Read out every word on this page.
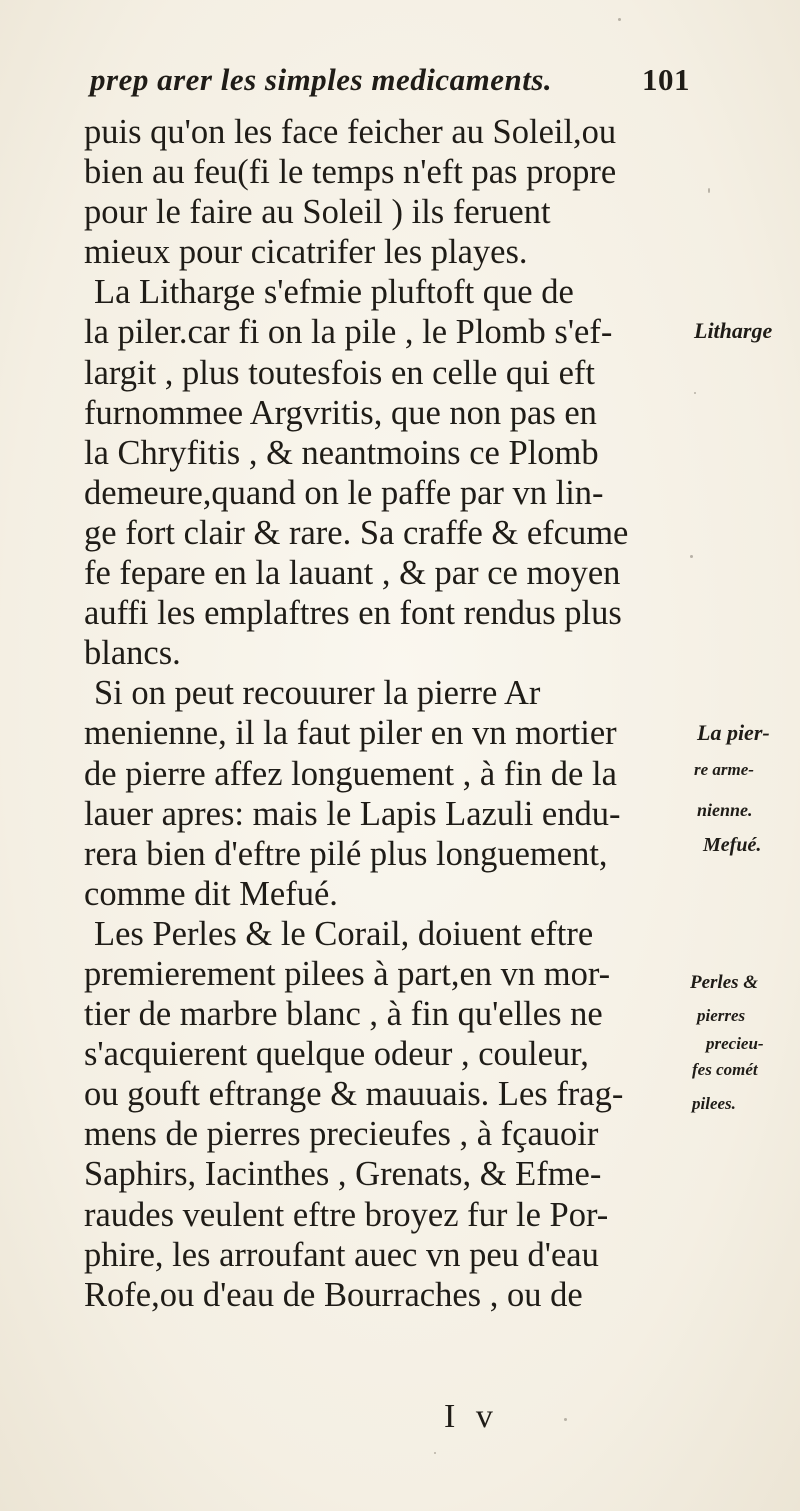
prep arer les simples medicaments.	101
puis qu'on les face feicher au Soleil,ou
bien au feu(fi le temps n'eft pas propre
pour le faire au Soleil ) ils feruent
mieux pour cicatrifer les playes.
La Litharge s'efmie pluftoft que de
la piler.car fi on la pile , le Plomb s'ef-
largit , plus toutesfois en celle qui eft
furnommee Argvritis, que non pas en
la Chryfitis , & neantmoins ce Plomb
demeure,quand on le paffe par vn lin-
ge fort clair & rare. Sa craffe & efcume
fe fepare en la lauant , & par ce moyen
auffi les emplaftres en font rendus plus
blancs.
Si on peut recouurer la pierre Ar
menienne, il la faut piler en vn mortier
de pierre affez longuement , à fin de la
lauer apres: mais le Lapis Lazuli endu-
rera bien d'eftre pilé plus longuement,
comme dit Mefué.
Les Perles & le Corail, doiuent eftre
premierement pilees à part,en vn mor-
tier de marbre blanc , à fin qu'elles ne
s'acquierent quelque odeur , couleur,
ou gouft eftrange & mauuais. Les frag-
mens de pierres precieufes , à fçauoir
Saphirs, Iacinthes , Grenats, & Efme-
raudes veulent eftre broyez fur le Por-
phire, les arroufant auec vn peu d'eau
Rofe,ou d'eau de Bourraches , ou de
Litharge
La pier-
re arme-
nienne.
Mefué.
Perles &
pierres
precieu-
fes comét
pilees.
I v
